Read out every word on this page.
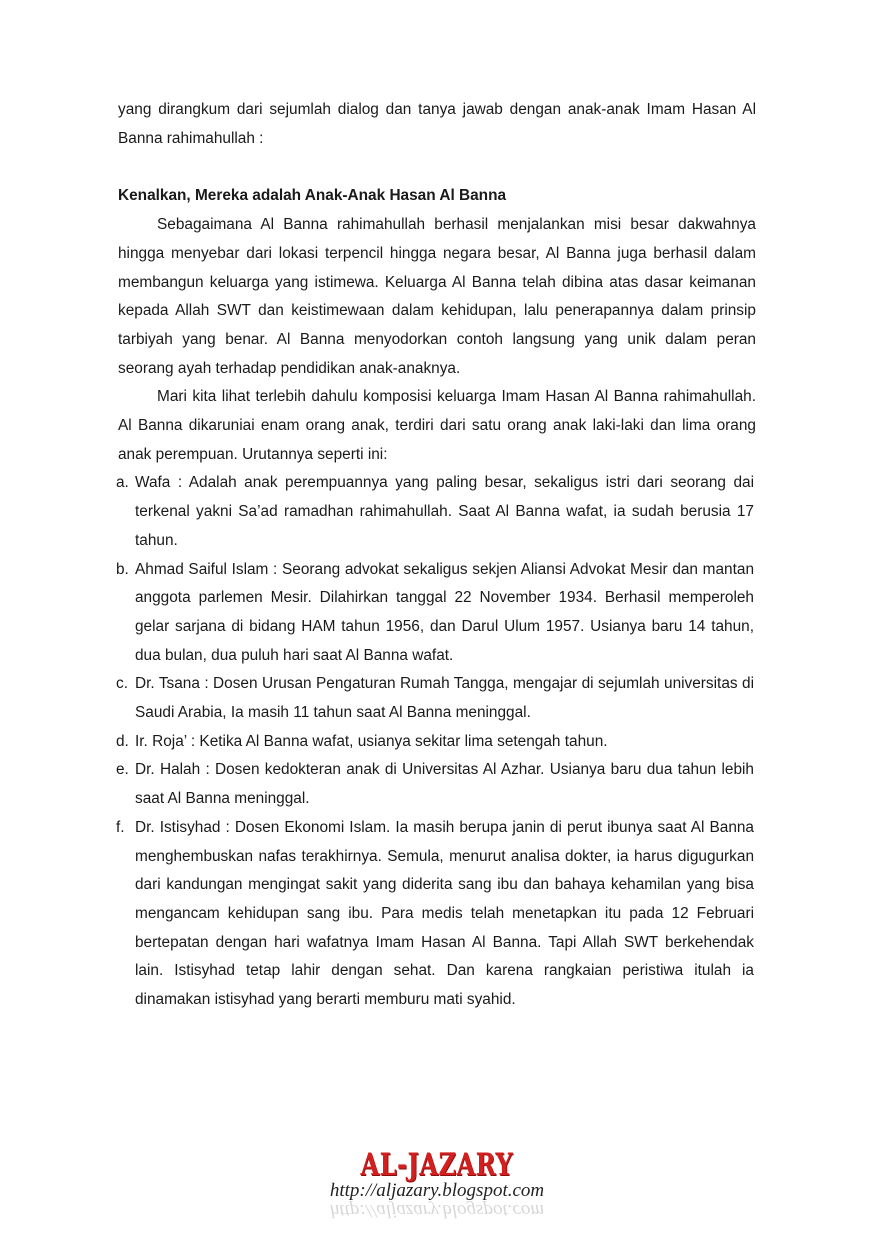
yang dirangkum dari sejumlah dialog dan tanya jawab dengan anak-anak Imam Hasan Al Banna rahimahullah :

Kenalkan, Mereka adalah Anak-Anak Hasan Al Banna

Sebagaimana Al Banna rahimahullah berhasil menjalankan misi besar dakwahnya hingga menyebar dari lokasi terpencil hingga negara besar, Al Banna juga berhasil dalam membangun keluarga yang istimewa. Keluarga Al Banna telah dibina atas dasar keimanan kepada Allah SWT dan keistimewaan dalam kehidupan, lalu penerapannya dalam prinsip tarbiyah yang benar. Al Banna menyodorkan contoh langsung yang unik dalam peran seorang ayah terhadap pendidikan anak-anaknya.

Mari kita lihat terlebih dahulu komposisi keluarga Imam Hasan Al Banna rahimahullah. Al Banna dikaruniai enam orang anak, terdiri dari satu orang anak laki-laki dan lima orang anak perempuan. Urutannya seperti ini:

a. Wafa : Adalah anak perempuannya yang paling besar, sekaligus istri dari seorang dai terkenal yakni Sa’ad ramadhan rahimahullah. Saat Al Banna wafat, ia sudah berusia 17 tahun.
b. Ahmad Saiful Islam : Seorang advokat sekaligus sekjen Aliansi Advokat Mesir dan mantan anggota parlemen Mesir. Dilahirkan tanggal 22 November 1934. Berhasil memperoleh gelar sarjana di bidang HAM tahun 1956, dan Darul Ulum 1957. Usianya baru 14 tahun, dua bulan, dua puluh hari saat Al Banna wafat.
c. Dr. Tsana : Dosen Urusan Pengaturan Rumah Tangga, mengajar di sejumlah universitas di Saudi Arabia, Ia masih 11 tahun saat Al Banna meninggal.
d. Ir. Roja’ : Ketika Al Banna wafat, usianya sekitar lima setengah tahun.
e. Dr. Halah : Dosen kedokteran anak di Universitas Al Azhar. Usianya baru dua tahun lebih saat Al Banna meninggal.
f. Dr. Istisyhad : Dosen Ekonomi Islam. Ia masih berupa janin di perut ibunya saat Al Banna menghembuskan nafas terakhirnya. Semula, menurut analisa dokter, ia harus digugurkan dari kandungan mengingat sakit yang diderita sang ibu dan bahaya kehamilan yang bisa mengancam kehidupan sang ibu. Para medis telah menetapkan itu pada 12 Februari bertepatan dengan hari wafatnya Imam Hasan Al Banna. Tapi Allah SWT berkehendak lain. Istisyhad tetap lahir dengan sehat. Dan karena rangkaian peristiwa itulah ia dinamakan istisyhad yang berarti memburu mati syahid.
AL-JAZARY
http://aljazary.blogspot.com
http://aljazary.blogspot.com
